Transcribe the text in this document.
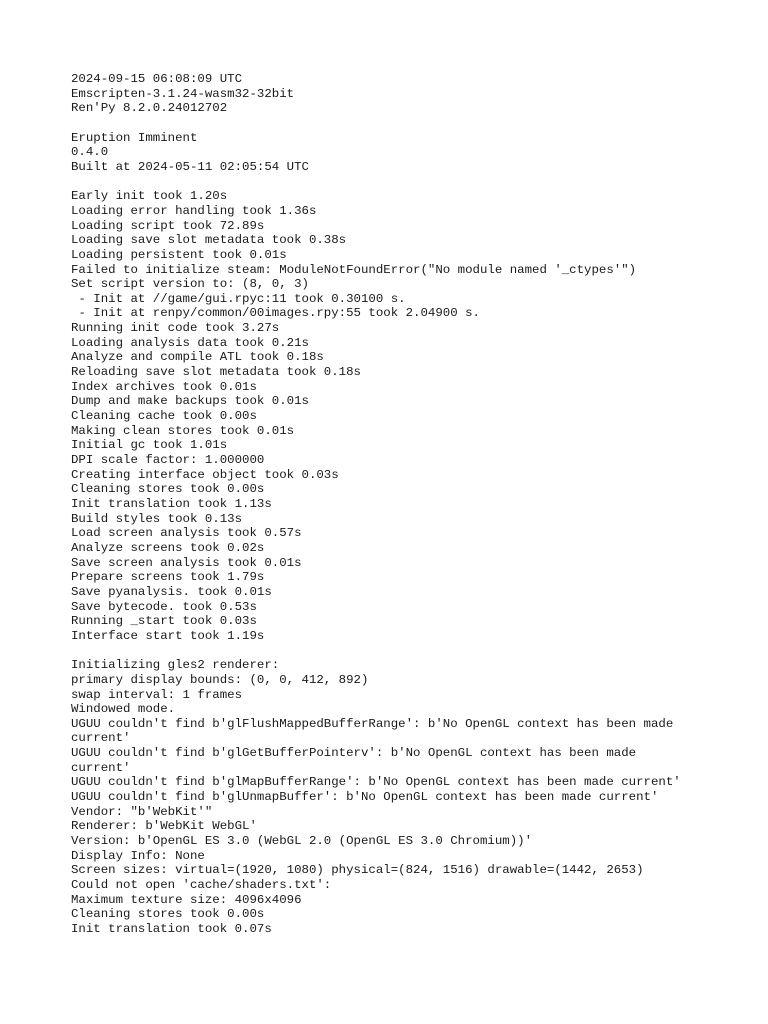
2024-09-15 06:08:09 UTC
Emscripten-3.1.24-wasm32-32bit
Ren'Py 8.2.0.24012702
Eruption Imminent
0.4.0
Built at 2024-05-11 02:05:54 UTC
Early init took 1.20s
Loading error handling took 1.36s
Loading script took 72.89s
Loading save slot metadata took 0.38s
Loading persistent took 0.01s
Failed to initialize steam: ModuleNotFoundError("No module named '_ctypes'")
Set script version to: (8, 0, 3)
- Init at //game/gui.rpyc:11 took 0.30100 s.
- Init at renpy/common/00images.rpy:55 took 2.04900 s.
Running init code took 3.27s
Loading analysis data took 0.21s
Analyze and compile ATL took 0.18s
Reloading save slot metadata took 0.18s
Index archives took 0.01s
Dump and make backups took 0.01s
Cleaning cache took 0.00s
Making clean stores took 0.01s
Initial gc took 1.01s
DPI scale factor: 1.000000
Creating interface object took 0.03s
Cleaning stores took 0.00s
Init translation took 1.13s
Build styles took 0.13s
Load screen analysis took 0.57s
Analyze screens took 0.02s
Save screen analysis took 0.01s
Prepare screens took 1.79s
Save pyanalysis. took 0.01s
Save bytecode. took 0.53s
Running _start took 0.03s
Interface start took 1.19s
Initializing gles2 renderer:
primary display bounds: (0, 0, 412, 892)
swap interval: 1 frames
Windowed mode.
UGUU couldn't find b'glFlushMappedBufferRange': b'No OpenGL context has been made
current'
UGUU couldn't find b'glGetBufferPointerv': b'No OpenGL context has been made
current'
UGUU couldn't find b'glMapBufferRange': b'No OpenGL context has been made current'
UGUU couldn't find b'glUnmapBuffer': b'No OpenGL context has been made current'
Vendor: "b'WebKit'"
Renderer: b'WebKit WebGL'
Version: b'OpenGL ES 3.0 (WebGL 2.0 (OpenGL ES 3.0 Chromium))'
Display Info: None
Screen sizes: virtual=(1920, 1080) physical=(824, 1516) drawable=(1442, 2653)
Could not open 'cache/shaders.txt':
Maximum texture size: 4096x4096
Cleaning stores took 0.00s
Init translation took 0.07s
